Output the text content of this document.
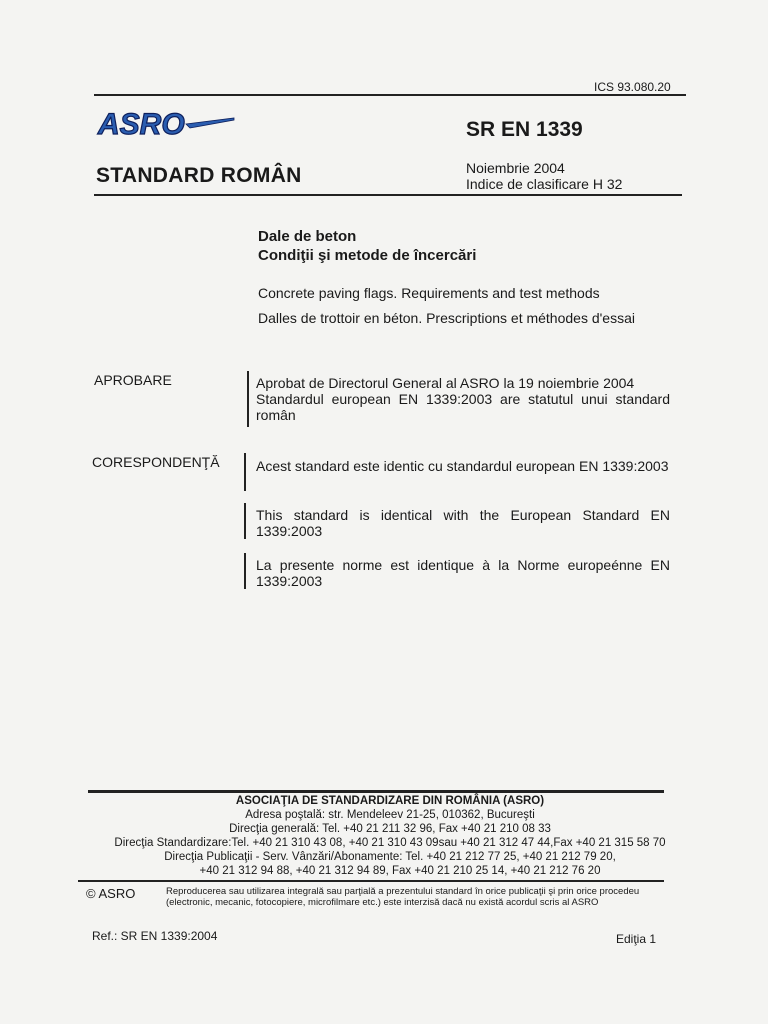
ICS 93.080.20
ASRO
STANDARD ROMÂN
SR EN 1339
Noiembrie 2004
Indice de clasificare H 32
Dale de beton
Condiţii şi metode de încercări
Concrete paving flags. Requirements and test methods
Dalles de trottoir en béton. Prescriptions et méthodes d'essai
APROBARE	Aprobat de Directorul General al ASRO la 19 noiembrie 2004
Standardul european EN 1339:2003 are statutul unui standard român
CORESPONDENŢĂ	Acest standard este identic cu standardul european EN 1339:2003
This standard is identical with the European Standard EN 1339:2003
La presente norme est identique à la Norme europeénne EN 1339:2003
ASOCIAŢIA DE STANDARDIZARE DIN ROMÂNIA (ASRO)
Adresa poştală: str. Mendeleev 21-25, 010362, Bucureşti
Direcţia generală: Tel. +40 21 211 32 96, Fax +40 21 210 08 33
Direcţia Standardizare:Tel. +40 21 310 43 08, +40 21 310 43 09sau +40 21 312 47 44,Fax +40 21 315 58 70
Direcţia Publicaţii - Serv. Vânzări/Abonamente: Tel. +40 21 212 77 25, +40 21 212 79 20,
+40 21 312 94 88, +40 21 312 94 89, Fax +40 21 210 25 14, +40 21 212 76 20
© ASRO	Reproducerea sau utilizarea integrală sau parţială a prezentului standard în orice publicaţii şi prin orice procedeu (electronic, mecanic, fotocopiere, microfilmare etc.) este interzisă dacă nu există acordul scris al ASRO
Ref.: SR EN 1339:2004	Ediţia 1
